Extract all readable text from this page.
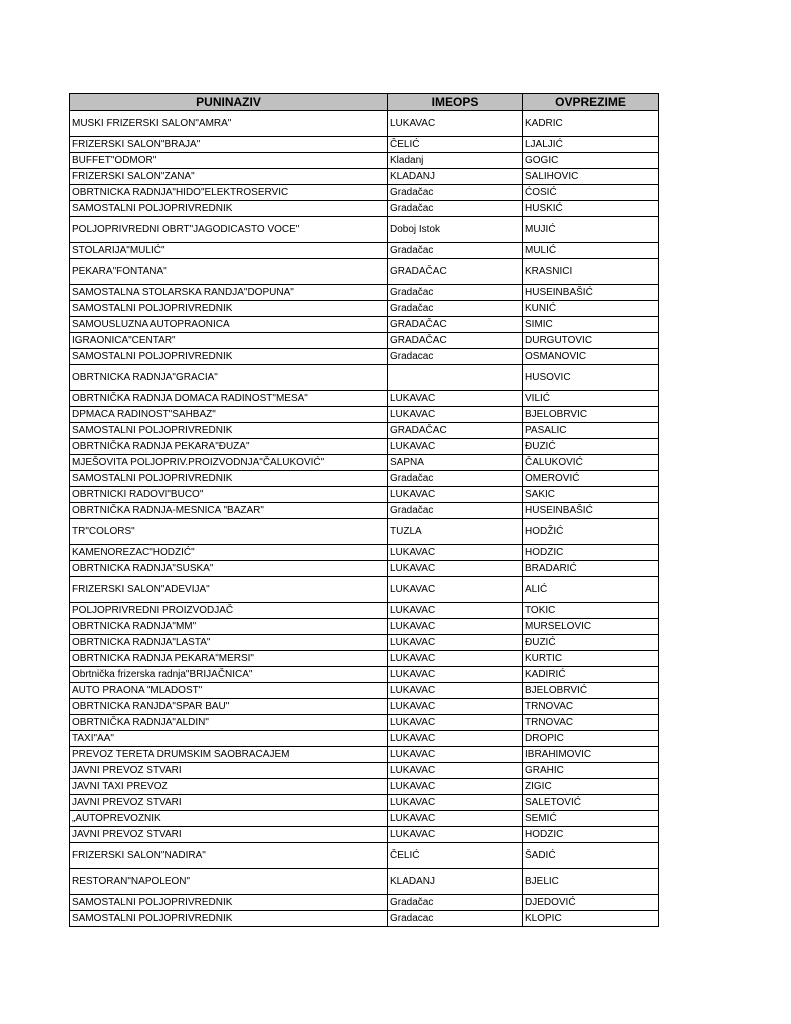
PUNINAZIV	IMEOPS	OVPREZIME
MUSKI FRIZERSKI SALON"AMRA"	LUKAVAC	KADRIC
FRIZERSKI SALON"BRAJA"	ČELIĆ	LJALJIĆ
BUFFET"ODMOR"	Kladanj	GOGIC
FRIZERSKI SALON"ZANA"	KLADANJ	SALIHOVIC
OBRTNICKA RADNJA"HIDO"ELEKTROSERVIC	Gradačac	ĆOSIĆ
SAMOSTALNI POLJOPRIVREDNIK	Gradačac	HUSKIĆ
POLJOPRIVREDNI OBRT"JAGODICASTO VOCE"	Doboj Istok	MUJIĆ
STOLARIJA"MULIĆ"	Gradačac	MULIĆ
PEKARA"FONTANA"	GRADAČAC	KRASNICI
SAMOSTALNA STOLARSKA RANDJA"DOPUNA"	Gradačac	HUSEINBAŠIĆ
SAMOSTALNI POLJOPRIVREDNIK	Gradačac	KUNIĆ
SAMOUSLUZNA AUTOPRAONICA	GRADAČAC	SIMIC
IGRAONICA"CENTAR"	GRADAČAC	DURGUTOVIC
SAMOSTALNI POLJOPRIVREDNIK	Gradacac	OSMANOVIC
OBRTNICKA RADNJA"GRACIA"		HUSOVIC
OBRTNIČKA RADNJA DOMACA RADINOST"MESA"	LUKAVAC	VILIĆ
DPMACA RADINOST"SAHBAZ"	LUKAVAC	BJELOBRVIC
SAMOSTALNI POLJOPRIVREDNIK	GRADAČAC	PASALIC
OBRTNIČKA RADNJA PEKARA"ĐUZA"	LUKAVAC	ĐUZIĆ
MJEŠOVITA POLJOPRIV.PROIZVODNJA"ČALUKOVIĆ"	SAPNA	ČALUKOVIĆ
SAMOSTALNI POLJOPRIVREDNIK	Gradačac	OMEROVIĆ
OBRTNICKI RADOVI"BUCO"	LUKAVAC	SAKIC
OBRTNIČKA RADNJA-MESNICA "BAZAR"	Gradačac	HUSEINBAŠIĆ
TR"COLORS"	TUZLA	HODŽIĆ
KAMENOREZAC"HODZIĆ"	LUKAVAC	HODZIC
OBRTNICKA RADNJA"SUSKA"	LUKAVAC	BRADARIĆ
FRIZERSKI SALON"ADEVIJA"	LUKAVAC	ALIĆ
POLJOPRIVREDNI PROIZVODJAČ	LUKAVAC	TOKIC
OBRTNICKA RADNJA"MM"	LUKAVAC	MURSELOVIC
OBRTNICKA RADNJA"LASTA"	LUKAVAC	ĐUZIĆ
OBRTNICKA RADNJA PEKARA"MERSI"	LUKAVAC	KURTIC
Obrtnička frizerska radnja"BRIJAČNICA"	LUKAVAC	KADIRIĆ
AUTO PRAONA "MLADOST"	LUKAVAC	BJELOBRVIĆ
OBRTNICKA RANJDA"SPAR BAU"	LUKAVAC	TRNOVAC
OBRTNIČKA RADNJA"ALDIN"	LUKAVAC	TRNOVAC
TAXI"AA"	LUKAVAC	DROPIC
PREVOZ TERETA DRUMSKIM SAOBRACAJEM	LUKAVAC	IBRAHIMOVIC
JAVNI PREVOZ STVARI	LUKAVAC	GRAHIC
JAVNI TAXI PREVOZ	LUKAVAC	ZIGIC
JAVNI PREVOZ STVARI	LUKAVAC	SALETOVIĆ
„AUTOPREVOZNIK	LUKAVAC	SEMIĆ
JAVNI PREVOZ STVARI	LUKAVAC	HODZIC
FRIZERSKI SALON"NADIRA"	ČELIĆ	ŠADIĆ
RESTORAN"NAPOLEON"	KLADANJ	BJELIC
SAMOSTALNI POLJOPRIVREDNIK	Gradačac	DJEDOVIĆ
SAMOSTALNI POLJOPRIVREDNIK	Gradacac	KLOPIC
